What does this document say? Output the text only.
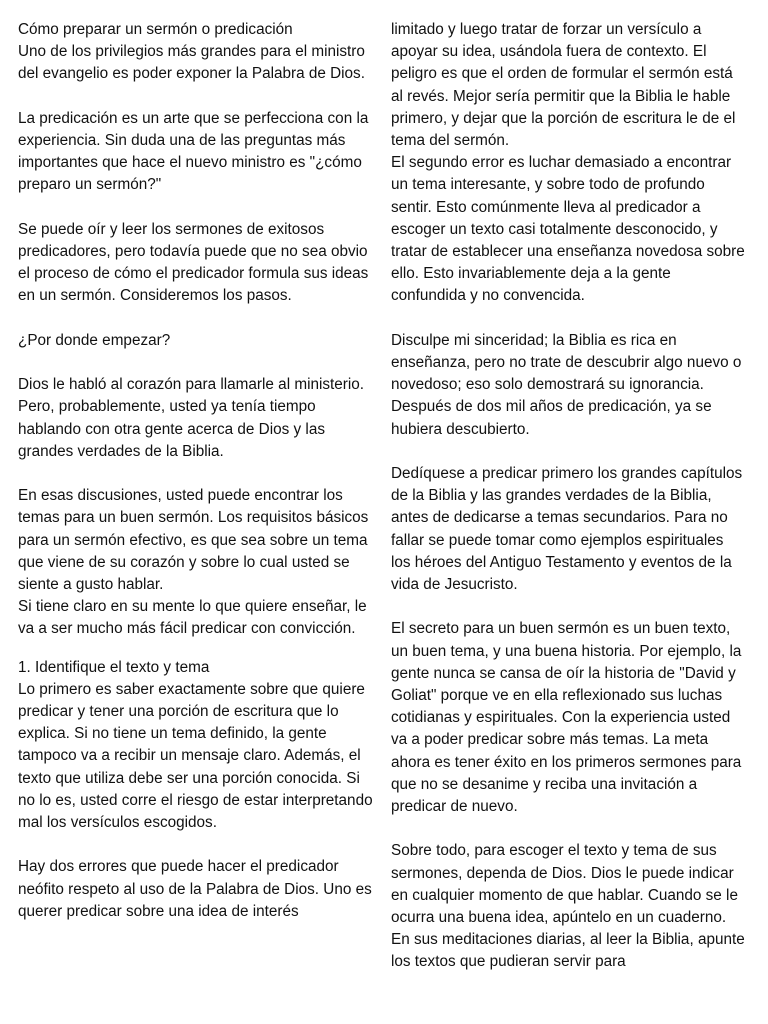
Cómo preparar un sermón o predicación
Uno de los privilegios más grandes para el ministro del evangelio es poder exponer la Palabra de Dios.

La predicación es un arte que se perfecciona con la experiencia. Sin duda una de las preguntas más importantes que hace el nuevo ministro es "¿cómo preparo un sermón?"

Se puede oír y leer los sermones de exitosos predicadores, pero todavía puede que no sea obvio el proceso de cómo el predicador formula sus ideas en un sermón. Consideremos los pasos.

¿Por donde empezar?

Dios le habló al corazón para llamarle al ministerio. Pero, probablemente, usted ya tenía tiempo hablando con otra gente acerca de Dios y las grandes verdades de la Biblia.

En esas discusiones, usted puede encontrar los temas para un buen sermón. Los requisitos básicos para un sermón efectivo, es que sea sobre un tema que viene de su corazón y sobre lo cual usted se siente a gusto hablar.
Si tiene claro en su mente lo que quiere enseñar, le va a ser mucho más fácil predicar con convicción.

1. Identifique el texto y tema
Lo primero es saber exactamente sobre que quiere predicar y tener una porción de escritura que lo explica. Si no tiene un tema definido, la gente tampoco va a recibir un mensaje claro. Además, el texto que utiliza debe ser una porción conocida. Si no lo es, usted corre el riesgo de estar interpretando mal los versículos escogidos.

Hay dos errores que puede hacer el predicador neófito respeto al uso de la Palabra de Dios. Uno es querer predicar sobre una idea de interés

limitado y luego tratar de forzar un versículo a apoyar su idea, usándola fuera de contexto. El peligro es que el orden de formular el sermón está al revés. Mejor sería permitir que la Biblia le hable primero, y dejar que la porción de escritura le de el tema del sermón.
El segundo error es luchar demasiado a encontrar un tema interesante, y sobre todo de profundo sentir. Esto comúnmente lleva al predicador a escoger un texto casi totalmente desconocido, y tratar de establecer una enseñanza novedosa sobre ello. Esto invariablemente deja a la gente confundida y no convencida.

Disculpe mi sinceridad; la Biblia es rica en enseñanza, pero no trate de descubrir algo nuevo o novedoso; eso solo demostrará su ignorancia. Después de dos mil años de predicación, ya se hubiera descubierto.

Dedíquese a predicar primero los grandes capítulos de la Biblia y las grandes verdades de la Biblia, antes de dedicarse a temas secundarios. Para no fallar se puede tomar como ejemplos espirituales los héroes del Antiguo Testamento y eventos de la vida de Jesucristo.

El secreto para un buen sermón es un buen texto, un buen tema, y una buena historia. Por ejemplo, la gente nunca se cansa de oír la historia de "David y Goliat" porque ve en ella reflexionado sus luchas cotidianas y espirituales. Con la experiencia usted va a poder predicar sobre más temas. La meta ahora es tener éxito en los primeros sermones para que no se desanime y reciba una invitación a predicar de nuevo.

Sobre todo, para escoger el texto y tema de sus sermones, dependa de Dios. Dios le puede indicar en cualquier momento de que hablar. Cuando se le ocurra una buena idea, apúntelo en un cuaderno. En sus meditaciones diarias, al leer la Biblia, apunte los textos que pudieran servir para
